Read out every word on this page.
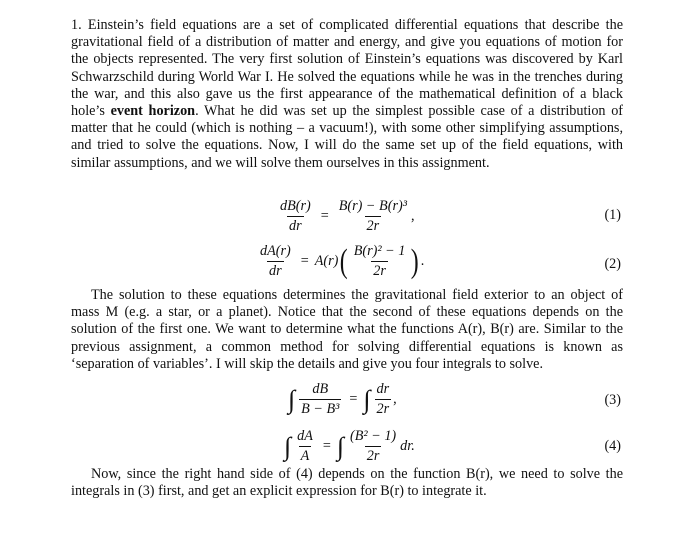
1. Einstein’s field equations are a set of complicated differential equations that describe the gravitational field of a distribution of matter and energy, and give you equations of motion for the objects represented. The very first solution of Einstein’s equations was discovered by Karl Schwarzschild during World War I. He solved the equations while he was in the trenches during the war, and this also gave us the first appearance of the mathematical definition of a black hole’s event horizon. What he did was set up the simplest possible case of a distribution of matter that he could (which is nothing – a vacuum!), with some other simplifying assumptions, and tried to solve the equations. Now, I will do the same set up of the field equations, with similar assumptions, and we will solve them ourselves in this assignment.

$\frac{dB(r)}{dr} = \frac{\text{B(r) − B(r)³}}{2r}$ ,	(1)
$\frac{dA(r)}{dr} = A(r)$ ( $\frac{\text{B(r)² − 1}}{2r}$ ) .	(2)

The solution to these equations determines the gravitational field exterior to an object of mass M (e.g. a star, or a planet). Notice that the second of these equations depends on the solution of the first one. We want to determine what the functions A(r), B(r) are. Similar to the previous assignment, a common method for solving differential equations is known as ‘separation of variables’. I will skip the details and give you four integrals to solve.

∫ $\frac{dB}{\text{B − B³}}$ = ∫ $\frac{dr}{2r}$ ,	(3)
∫ $\frac{dA}{A}$ = ∫ $\frac{\text{(B² − 1)}}{2r}$ dr.	(4)

Now, since the right hand side of (4) depends on the function B(r), we need to solve the integrals in (3) first, and get an explicit expression for B(r) to integrate it.
